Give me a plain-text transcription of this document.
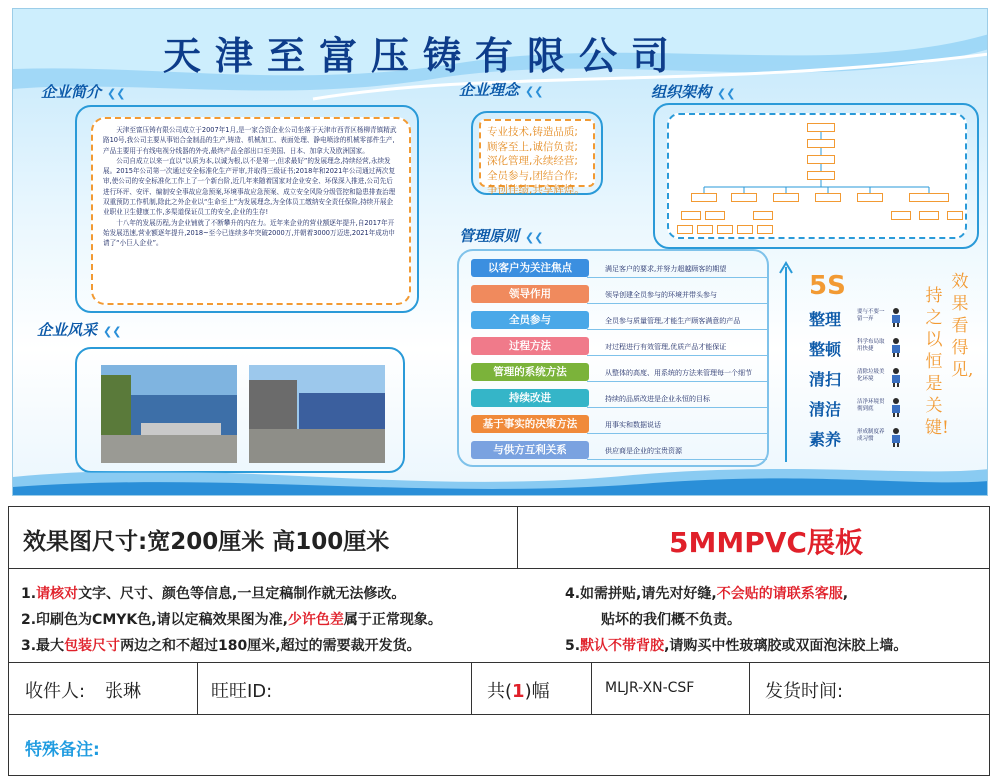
天津至富压铸有限公司
企业简介 ❮❮

天津至富压铸有限公司成立于2007年1月,是一家合资企业公司坐落于天津市西青区杨柳青镇精武路10号,我公司主要从事铝合金制品的生产,铸造、机械加工、表面处理、静电喷涂的机械零部件生产,产品主要用于有线电视分线器的外壳,最终产品全部出口至美国、日本、加拿大及欧洲国家。

公司自成立以来一直以“以质为本,以诚为根,以不是第一,但求最好”的发展理念,持续经营,永续发展。2015年公司第一次通过安全标准化生产评审,并取得三级证书;2018年和2021年公司通过两次复审,使公司的安全标准化工作上了一个新台阶,近几年来随着国家对企业安全、环保深入推进,公司先后进行环评、安评、编制安全事故应急预案,环境事故应急预案、成立安全风险分级管控和隐患排查治理双重预防工作机制,除此之外企业以“生命至上”为发展理念,为全体员工缴纳安全责任保险,持续开展企业职业卫生健康工作,多渠道保证员工的安全,企业的生存!

十八年的发展历程,为企业铺就了不断攀升的内在力。近年来企业的营业额逐年提升,自2017年开始发展迅速,营业额逐年提升,2018~至今已连续多年突破2000万,并朝着3000万迈进,2021年成功申请了“小巨人企业”。

企业风采 ❮❮
企业理念 ❮❮
专业技术,铸造品质;
顾客至上,诚信负责;
深化管理,永续经营;
全员参与,团结合作;
争创佳绩,共享辉煌。
组织架构 ❮❮
管理原则 ❮❮
以客户为关注焦点	满足客户的要求,并努力超越顾客的期望
领导作用	领导创建全员参与的环境并带头参与
全员参与	全员参与质量管理,才能生产顾客满意的产品
过程方法	对过程进行有效管理,优质产品才能保证
管理的系统方法	从整体的高度、用系统的方法来管理每一个细节
持续改进	持续的品质改进是企业永恒的目标
基于事实的决策方法	用事实和数据说话
与供方互利关系	供应商是企业的宝贵资源
5S
整理	要与不要一留一弃
整顿	科学布局取用快捷
清扫	清除垃圾美化环境
清洁	洁净环境贯彻到底
素养	形成制度养成习惯
持之以恒是关键!
效果看得见,
效果图尺寸:宽200厘米 高100厘米	5MMPVC展板
1.请核对文字、尺寸、颜色等信息,一旦定稿制作就无法修改。
2.印刷色为CMYK色,请以定稿效果图为准,少许色差属于正常现象。
3.最大包装尺寸两边之和不超过180厘米,超过的需要裁开发货。
4.如需拼贴,请先对好缝,不会贴的请联系客服,
贴坏的我们概不负责。
5.默认不带背胶,请购买中性玻璃胶或双面泡沫胶上墙。
收件人: 张琳	旺旺ID:	共(1)幅	MLJR-XN-CSF	发货时间:
特殊备注:
